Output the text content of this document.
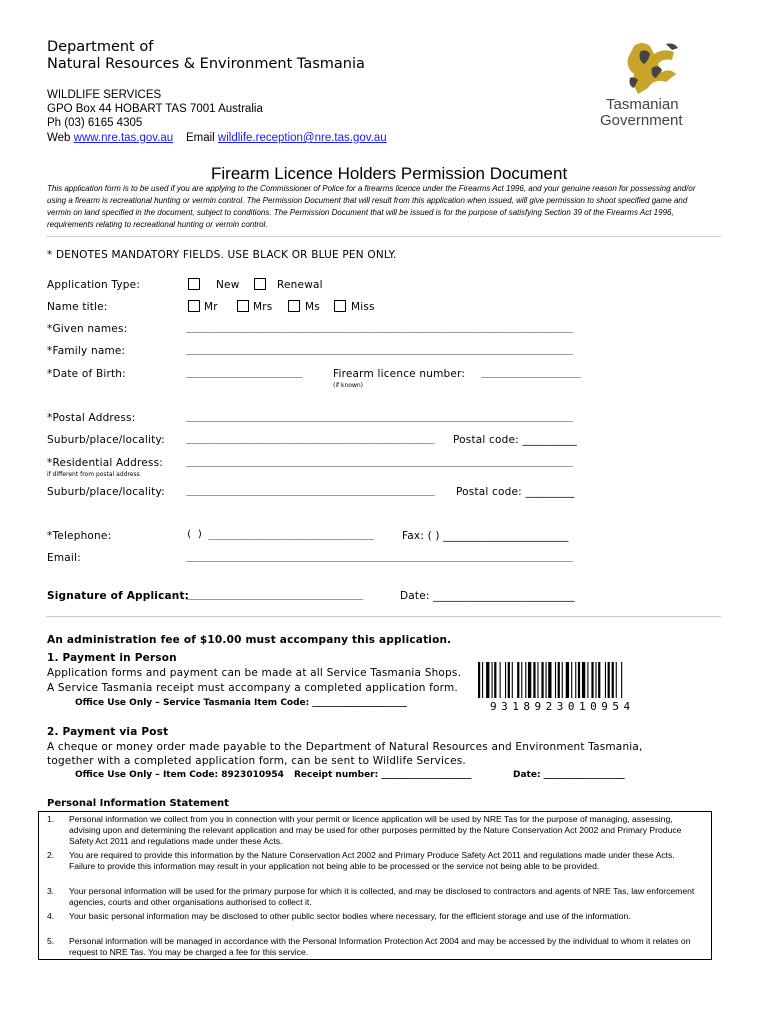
Department of
Natural Resources & Environment Tasmania
WILDLIFE SERVICES
GPO Box 44 HOBART TAS 7001 Australia
Ph (03) 6165 4305
Web www.nre.tas.gov.au Email wildlife.reception@nre.tas.gov.au
Tasmanian
Government
Firearm Licence Holders Permission Document
This application form is to be used if you are applying to the Commissioner of Police for a firearms licence under the Firearms Act 1996, and your genuine reason for possessing and/or using a firearm is recreational hunting or vermin control. The Permission Document that will result from this application when issued, will give permission to shoot specified game and vermin on land specified in the document, subject to conditions. The Permission Document that will be issued is for the purpose of satisfying Section 39 of the Firearms Act 1996, requirements relating to recreational hunting or vermin control.
* DENOTES MANDATORY FIELDS. USE BLACK OR BLUE PEN ONLY.
Application Type:	New	Renewal
Name title:	Mr	Mrs	Ms	Miss
*Given names:	______________________________________________________________________
*Family name:	______________________________________________________________________
*Date of Birth:	_____________________	Firearm licence number:
(if known)
__________________
*Postal Address:	______________________________________________________________________
Suburb/place/locality: _____________________________________________ Postal code: __________
*Residential Address:
if different from postal address
______________________________________________________________________
Suburb/place/locality: _____________________________________________ Postal code: _________
*Telephone:	( ) ______________________________	Fax: ( ) _______________________
Email:	______________________________________________________________________
Signature of Applicant:
________________________________	Date: __________________________
An administration fee of $10.00 must accompany this application.
1. Payment in Person
Application forms and payment can be made at all Service Tasmania Shops.
A Service Tasmania receipt must accompany a completed application form.
Office Use Only – Service Tasmania Item Code: _____________________	9318923010954
2. Payment via Post
A cheque or money order made payable to the Department of Natural Resources and Environment Tasmania,
together with a completed application form, can be sent to Wildlife Services.
Office Use Only – Item Code: 8923010954 Receipt number: ____________________	Date: __________________
Personal Information Statement
1. Personal information we collect from you in connection with your permit or licence application will be used by NRE Tas for the purpose of managing, assessing, advising upon and determining the relevant application and may be used for other purposes permitted by the Nature Conservation Act 2002 and Primary Produce Safety Act 2011 and regulations made under these Acts.
2. You are required to provide this information by the Nature Conservation Act 2002 and Primary Produce Safety Act 2011 and regulations made under these Acts. Failure to provide this information may result in your application not being able to be processed or the service not being able to be provided.
3. Your personal information will be used for the primary purpose for which it is collected, and may be disclosed to contractors and agents of NRE Tas, law enforcement agencies, courts and other organisations authorised to collect it.
4. Your basic personal information may be disclosed to other public sector bodies where necessary, for the efficient storage and use of the information.
5. Personal information will be managed in accordance with the Personal Information Protection Act 2004 and may be accessed by the individual to whom it relates on request to NRE Tas. You may be charged a fee for this service.
